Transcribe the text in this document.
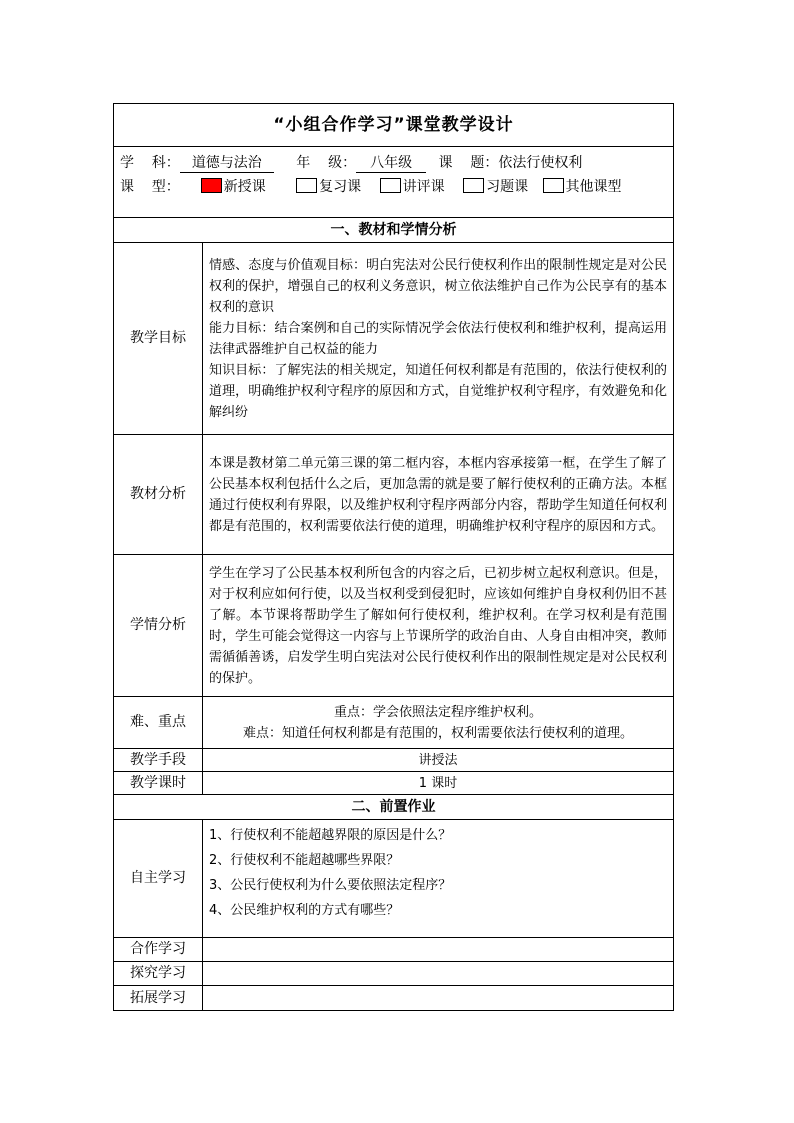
“小组合作学习”课堂教学设计	

学    科： 道德与法治 年    级： 八年级 课    题：依法行使权利
课    型： 新授课 复习课 讲评课 习题课 其他课型	

一、教材和学情分析	
教学目标	情感、态度与价值观目标：明白宪法对公民行使权利作出的限制性规定是对公民权利的保护，增强自己的权利义务意识，树立依法维护自己作为公民享有的基本权利的意识

能力目标：结合案例和自己的实际情况学会依法行使权利和维护权利，提高运用法律武器维护自己权益的能力

知识目标：了解宪法的相关规定，知道任何权利都是有范围的，依法行使权利的道理，明确维护权利守程序的原因和方式，自觉维护权利守程序，有效避免和化解纠纷

教材分析	本课是教材第二单元第三课的第二框内容，本框内容承接第一框，在学生了解了公民基本权利包括什么之后，更加急需的就是要了解行使权利的正确方法。本框通过行使权利有界限，以及维护权利守程序两部分内容，帮助学生知道任何权利都是有范围的，权利需要依法行使的道理，明确维护权利守程序的原因和方式。
学情分析	学生在学习了公民基本权利所包含的内容之后，已初步树立起权利意识。但是，对于权利应如何行使，以及当权利受到侵犯时，应该如何维护自身权利仍旧不甚了解。本节课将帮助学生了解如何行使权利，维护权利。在学习权利是有范围时，学生可能会觉得这一内容与上节课所学的政治自由、人身自由相冲突，教师需循循善诱，启发学生明白宪法对公民行使权利作出的限制性规定是对公民权利的保护。
难、重点	重点：学会依照法定程序维护权利。

难点：知道任何权利都是有范围的，权利需要依法行使权利的道理。

教学手段	讲授法
教学课时	1 课时
二、前置作业	
自主学习	1、行使权利不能超越界限的原因是什么？

2、行使权利不能超越哪些界限？

3、公民行使权利为什么要依照法定程序？

4、公民维护权利的方式有哪些？

合作学习	
探究学习	
拓展学习	
